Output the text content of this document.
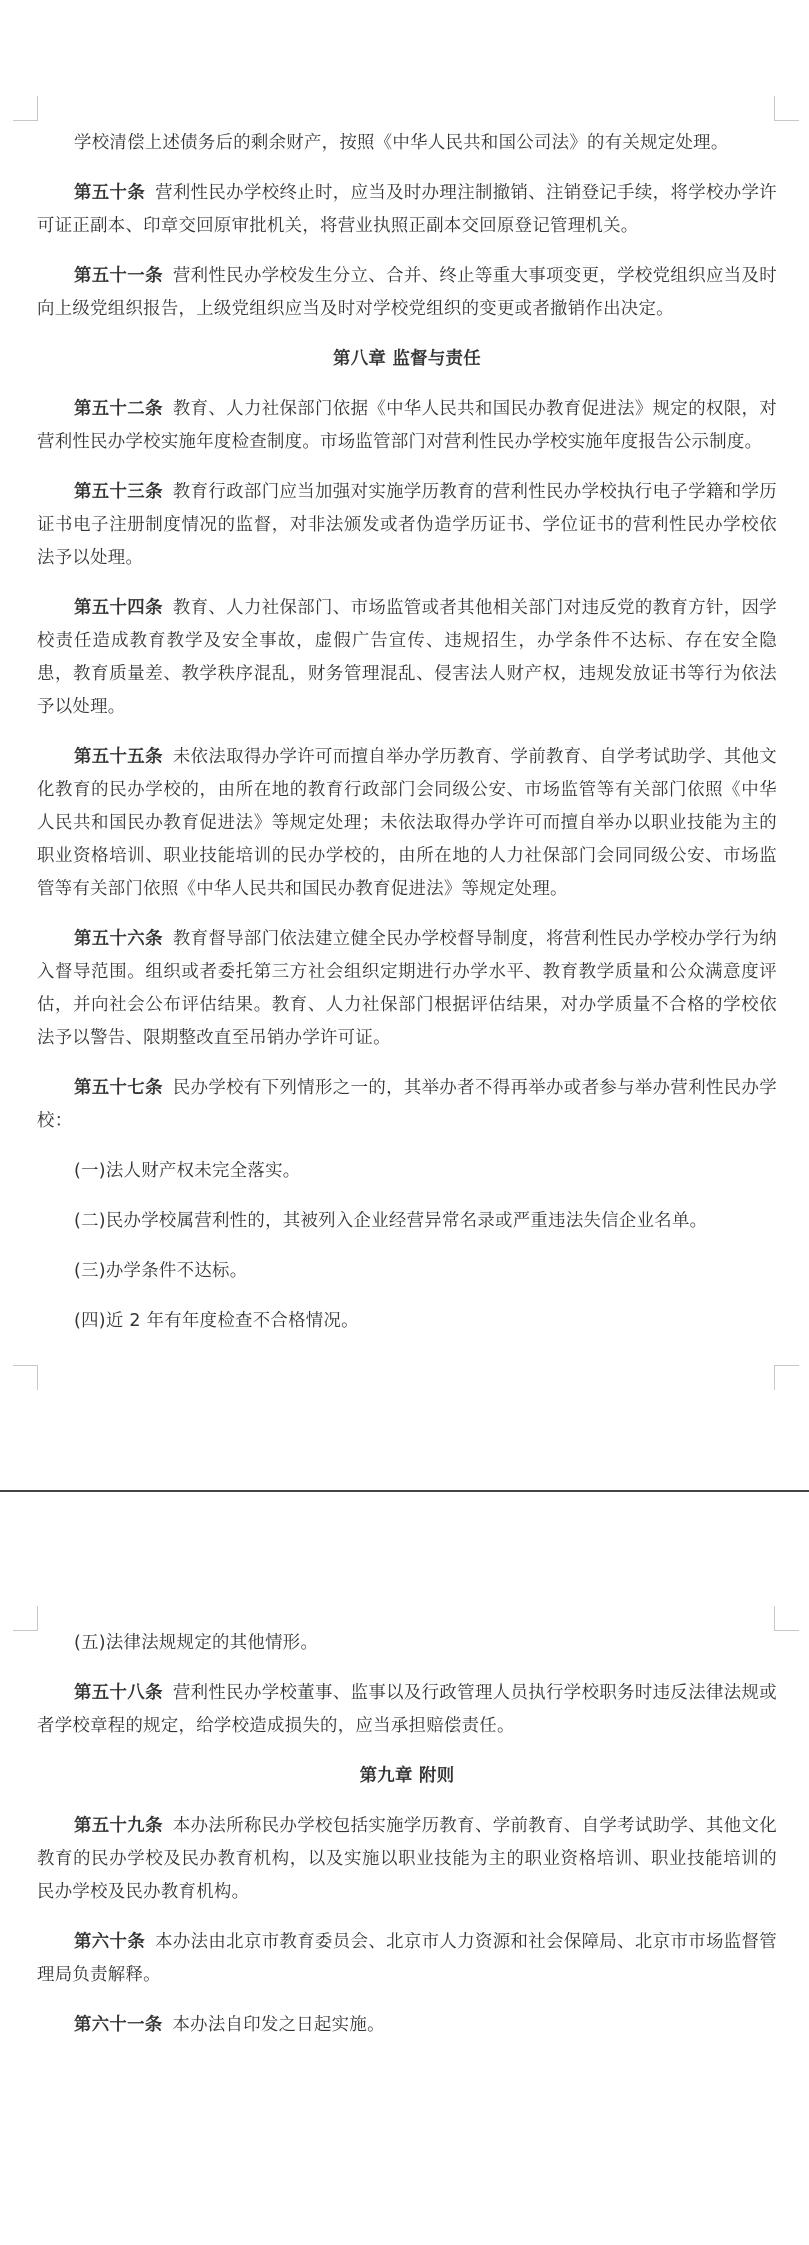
学校清偿上述债务后的剩余财产，按照《中华人民共和国公司法》的有关规定处理。

第五十条 营利性民办学校终止时，应当及时办理注制撤销、注销登记手续，将学校办学许可证正副本、印章交回原审批机关，将营业执照正副本交回原登记管理机关。

第五十一条 营利性民办学校发生分立、合并、终止等重大事项变更，学校党组织应当及时向上级党组织报告，上级党组织应当及时对学校党组织的变更或者撤销作出决定。

第八章 监督与责任

第五十二条 教育、人力社保部门依据《中华人民共和国民办教育促进法》规定的权限，对营利性民办学校实施年度检查制度。市场监管部门对营利性民办学校实施年度报告公示制度。

第五十三条 教育行政部门应当加强对实施学历教育的营利性民办学校执行电子学籍和学历证书电子注册制度情况的监督，对非法颁发或者伪造学历证书、学位证书的营利性民办学校依法予以处理。

第五十四条 教育、人力社保部门、市场监管或者其他相关部门对违反党的教育方针，因学校责任造成教育教学及安全事故，虚假广告宣传、违规招生，办学条件不达标、存在安全隐患，教育质量差、教学秩序混乱，财务管理混乱、侵害法人财产权，违规发放证书等行为依法予以处理。

第五十五条 未依法取得办学许可而擅自举办学历教育、学前教育、自学考试助学、其他文化教育的民办学校的，由所在地的教育行政部门会同级公安、市场监管等有关部门依照《中华人民共和国民办教育促进法》等规定处理；未依法取得办学许可而擅自举办以职业技能为主的职业资格培训、职业技能培训的民办学校的，由所在地的人力社保部门会同同级公安、市场监管等有关部门依照《中华人民共和国民办教育促进法》等规定处理。

第五十六条 教育督导部门依法建立健全民办学校督导制度，将营利性民办学校办学行为纳入督导范围。组织或者委托第三方社会组织定期进行办学水平、教育教学质量和公众满意度评估，并向社会公布评估结果。教育、人力社保部门根据评估结果，对办学质量不合格的学校依法予以警告、限期整改直至吊销办学许可证。

第五十七条 民办学校有下列情形之一的，其举办者不得再举办或者参与举办营利性民办学校：

(一)法人财产权未完全落实。

(二)民办学校属营利性的，其被列入企业经营异常名录或严重违法失信企业名单。

(三)办学条件不达标。

(四)近 2 年有年度检查不合格情况。

(五)法律法规规定的其他情形。

第五十八条 营利性民办学校董事、监事以及行政管理人员执行学校职务时违反法律法规或者学校章程的规定，给学校造成损失的，应当承担赔偿责任。

第九章 附则

第五十九条 本办法所称民办学校包括实施学历教育、学前教育、自学考试助学、其他文化教育的民办学校及民办教育机构，以及实施以职业技能为主的职业资格培训、职业技能培训的民办学校及民办教育机构。

第六十条 本办法由北京市教育委员会、北京市人力资源和社会保障局、北京市市场监督管理局负责解释。

第六十一条 本办法自印发之日起实施。
